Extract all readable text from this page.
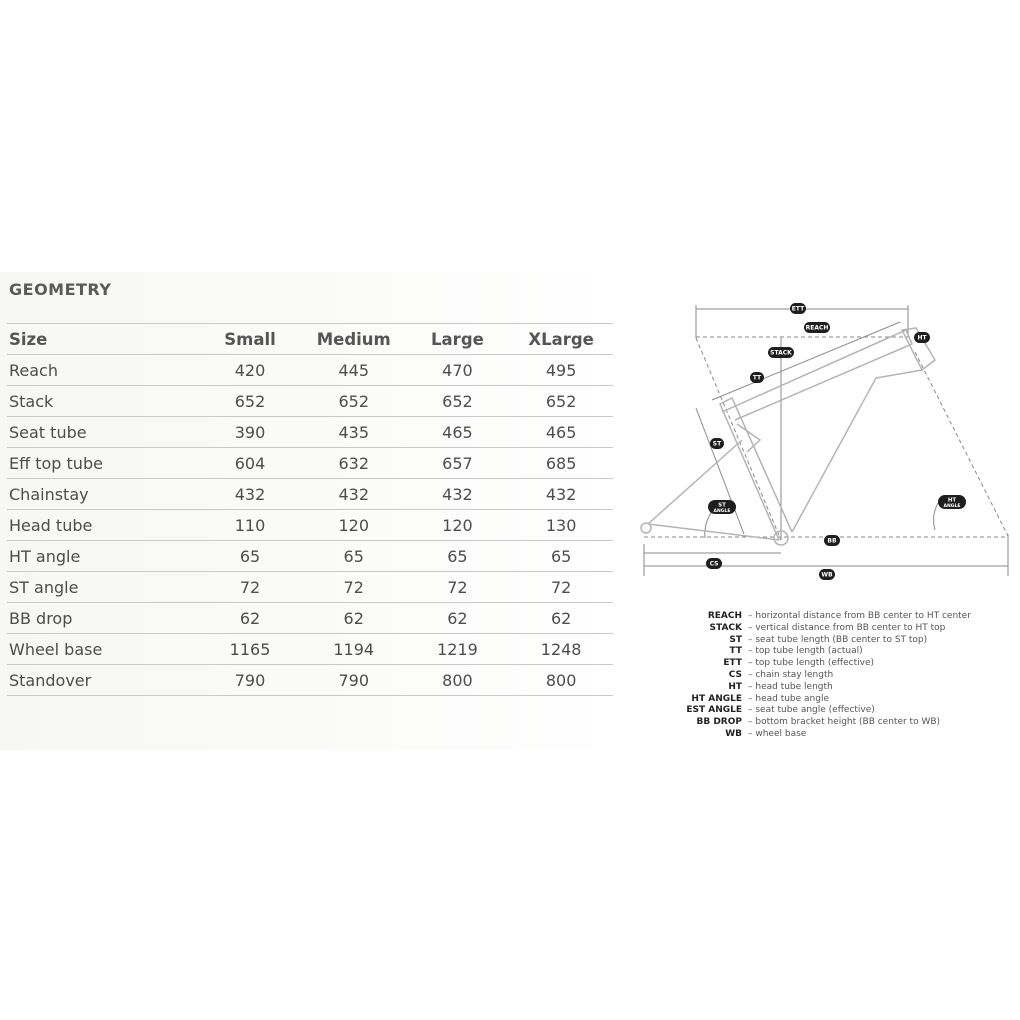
GEOMETRY
Size	Small	Medium	Large	XLarge
Reach	420	445	470	495
Stack	652	652	652	652
Seat tube	390	435	465	465
Eff top tube	604	632	657	685
Chainstay	432	432	432	432
Head tube	110	120	120	130
HT angle	65	65	65	65
ST angle	72	72	72	72
BB drop	62	62	62	62
Wheel base	1165	1194	1219	1248
Standover	790	790	800	800
ETT
REACH
STACK
TT
HT
ST
ST
ANGLE
HT
ANGLE
BB
CS
WB
REACH – horizontal distance from BB center to HT center
STACK – vertical distance from BB center to HT top
ST – seat tube length (BB center to ST top)
TT – top tube length (actual)
ETT – top tube length (effective)
CS – chain stay length
HT – head tube length
HT ANGLE – head tube angle
EST ANGLE – seat tube angle (effective)
BB DROP – bottom bracket height (BB center to WB)
WB – wheel base
